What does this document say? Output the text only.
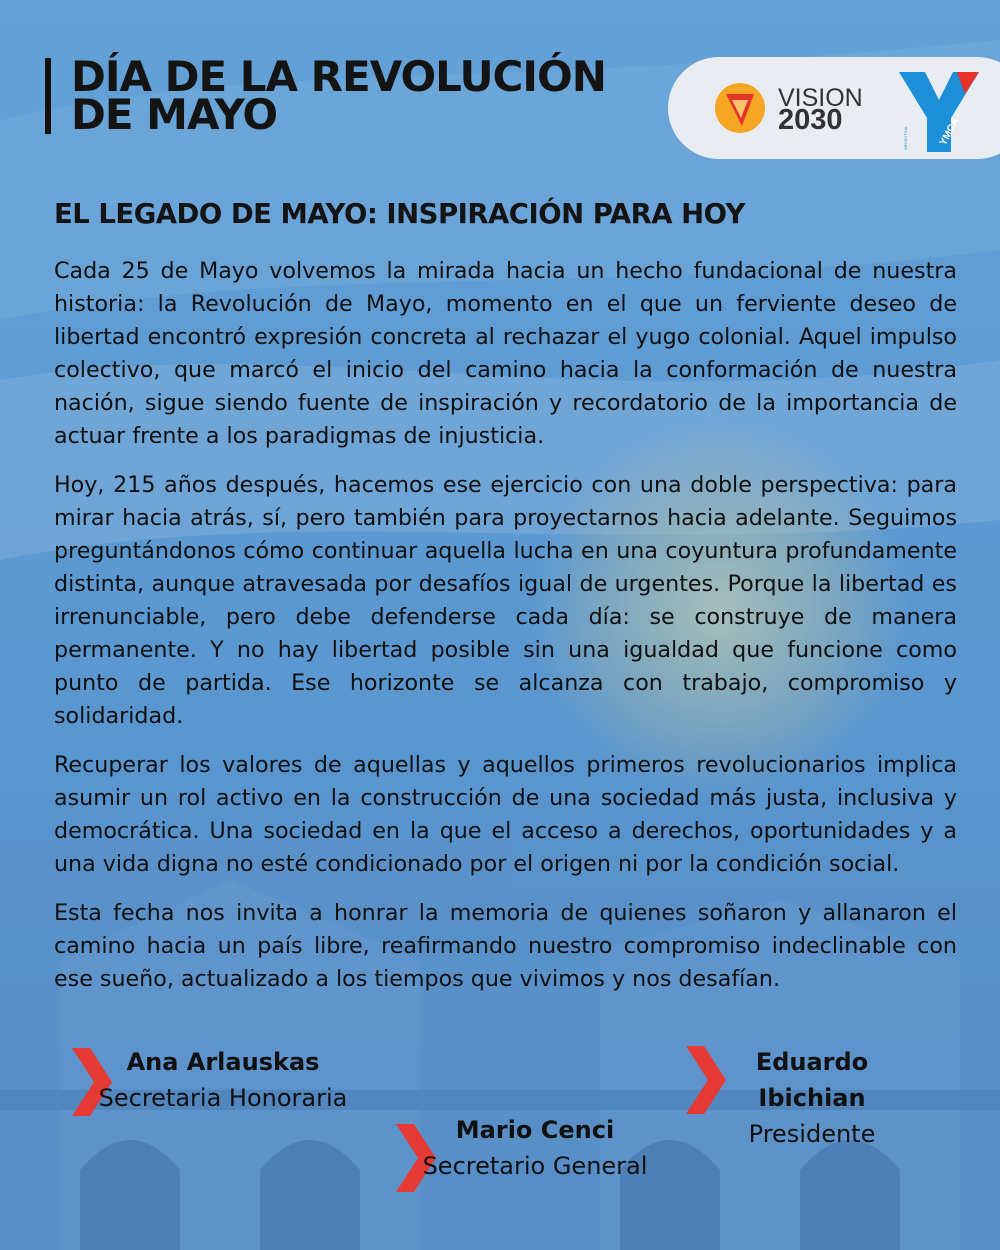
DÍA DE LA REVOLUCIÓN
DE MAYO	VISION
2030	YMCA
ARGENTINA
EL LEGADO DE MAYO: INSPIRACIÓN PARA HOY

Cada 25 de Mayo volvemos la mirada hacia un hecho fundacional de nuestra historia: la Revolución de Mayo, momento en el que un ferviente deseo de libertad encontró expresión concreta al rechazar el yugo colonial. Aquel impulso colectivo, que marcó el inicio del camino hacia la conformación de nuestra nación, sigue siendo fuente de inspiración y recordatorio de la importancia de actuar frente a los paradigmas de injusticia.

Hoy, 215 años después, hacemos ese ejercicio con una doble perspectiva: para mirar hacia atrás, sí, pero también para proyectarnos hacia adelante. Seguimos preguntándonos cómo continuar aquella lucha en una coyuntura profundamente distinta, aunque atravesada por desafíos igual de urgentes. Porque la libertad es irrenunciable, pero debe defenderse cada día: se construye de manera permanente. Y no hay libertad posible sin una igualdad que funcione como punto de partida. Ese horizonte se alcanza con trabajo, compromiso y solidaridad.

Recuperar los valores de aquellas y aquellos primeros revolucionarios implica asumir un rol activo en la construcción de una sociedad más justa, inclusiva y democrática. Una sociedad en la que el acceso a derechos, oportunidades y a una vida digna no esté condicionado por el origen ni por la condición social.

Esta fecha nos invita a honrar la memoria de quienes soñaron y allanaron el camino hacia un país libre, reafirmando nuestro compromiso indeclinable con ese sueño, actualizado a los tiempos que vivimos y nos desafían.

Ana Arlauskas
Secretaria Honoraria
Eduardo Ibichian
Presidente
Mario Cenci
Secretario General
